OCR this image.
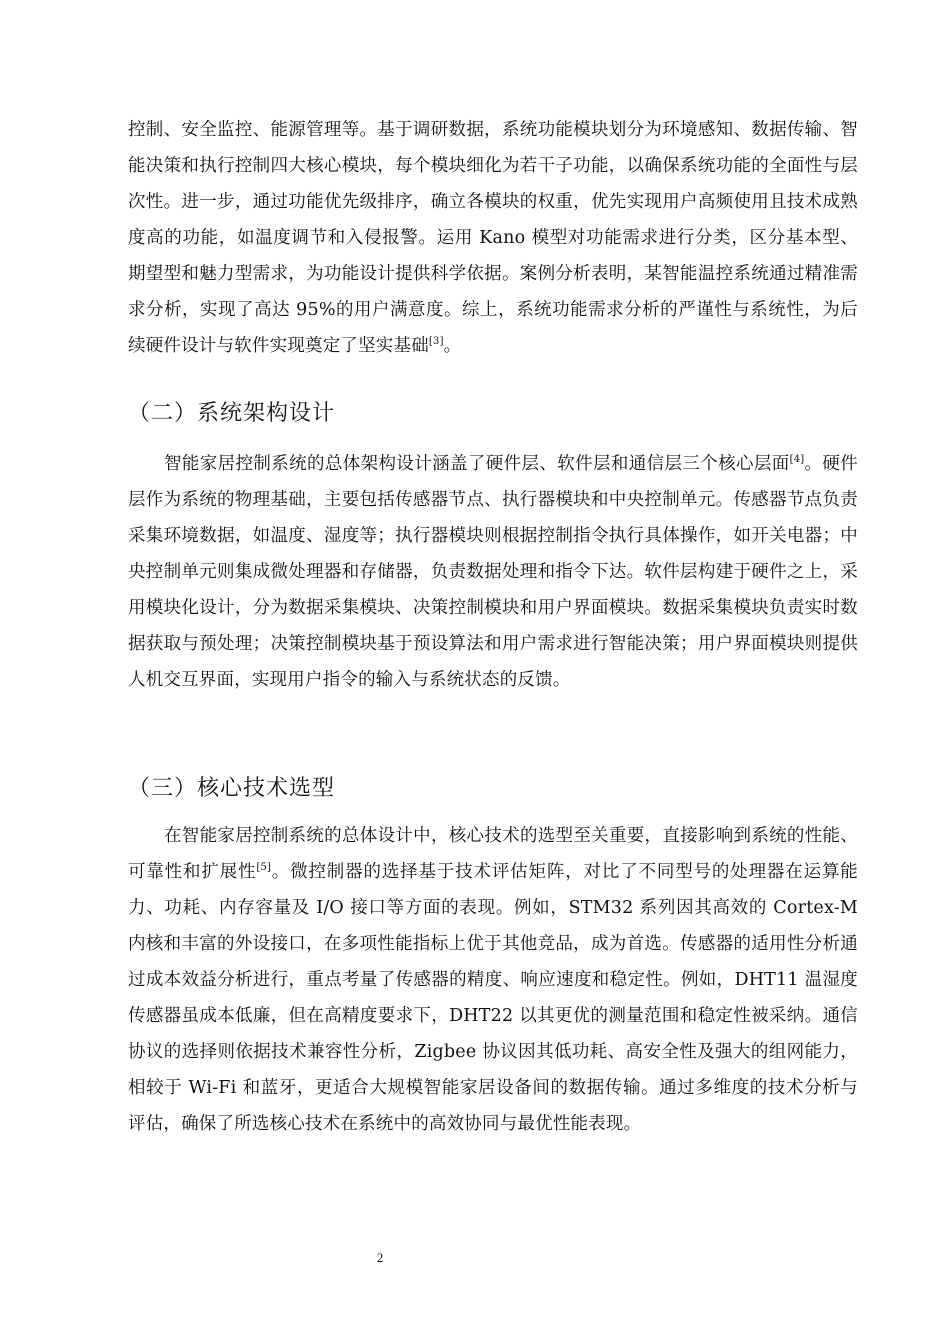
控制、安全监控、能源管理等。基于调研数据，系统功能模块划分为环境感知、数据传输、智能决策和执行控制四大核心模块，每个模块细化为若干子功能，以确保系统功能的全面性与层次性。进一步，通过功能优先级排序，确立各模块的权重，优先实现用户高频使用且技术成熟度高的功能，如温度调节和入侵报警。运用 Kano 模型对功能需求进行分类，区分基本型、期望型和魅力型需求，为功能设计提供科学依据。案例分析表明，某智能温控系统通过精准需求分析，实现了高达 95%的用户满意度。综上，系统功能需求分析的严谨性与系统性，为后续硬件设计与软件实现奠定了坚实基础[3]。

（二）系统架构设计

智能家居控制系统的总体架构设计涵盖了硬件层、软件层和通信层三个核心层面[4]。硬件层作为系统的物理基础，主要包括传感器节点、执行器模块和中央控制单元。传感器节点负责采集环境数据，如温度、湿度等；执行器模块则根据控制指令执行具体操作，如开关电器；中央控制单元则集成微处理器和存储器，负责数据处理和指令下达。软件层构建于硬件之上，采用模块化设计，分为数据采集模块、决策控制模块和用户界面模块。数据采集模块负责实时数据获取与预处理；决策控制模块基于预设算法和用户需求进行智能决策；用户界面模块则提供人机交互界面，实现用户指令的输入与系统状态的反馈。

（三）核心技术选型

在智能家居控制系统的总体设计中，核心技术的选型至关重要，直接影响到系统的性能、可靠性和扩展性[5]。微控制器的选择基于技术评估矩阵，对比了不同型号的处理器在运算能力、功耗、内存容量及 I/O 接口等方面的表现。例如，STM32 系列因其高效的 Cortex-M 内核和丰富的外设接口，在多项性能指标上优于其他竞品，成为首选。传感器的适用性分析通过成本效益分析进行，重点考量了传感器的精度、响应速度和稳定性。例如，DHT11 温湿度传感器虽成本低廉，但在高精度要求下，DHT22 以其更优的测量范围和稳定性被采纳。通信协议的选择则依据技术兼容性分析，Zigbee 协议因其低功耗、高安全性及强大的组网能力，相较于 Wi-Fi 和蓝牙，更适合大规模智能家居设备间的数据传输。通过多维度的技术分析与评估，确保了所选核心技术在系统中的高效协同与最优性能表现。

2
